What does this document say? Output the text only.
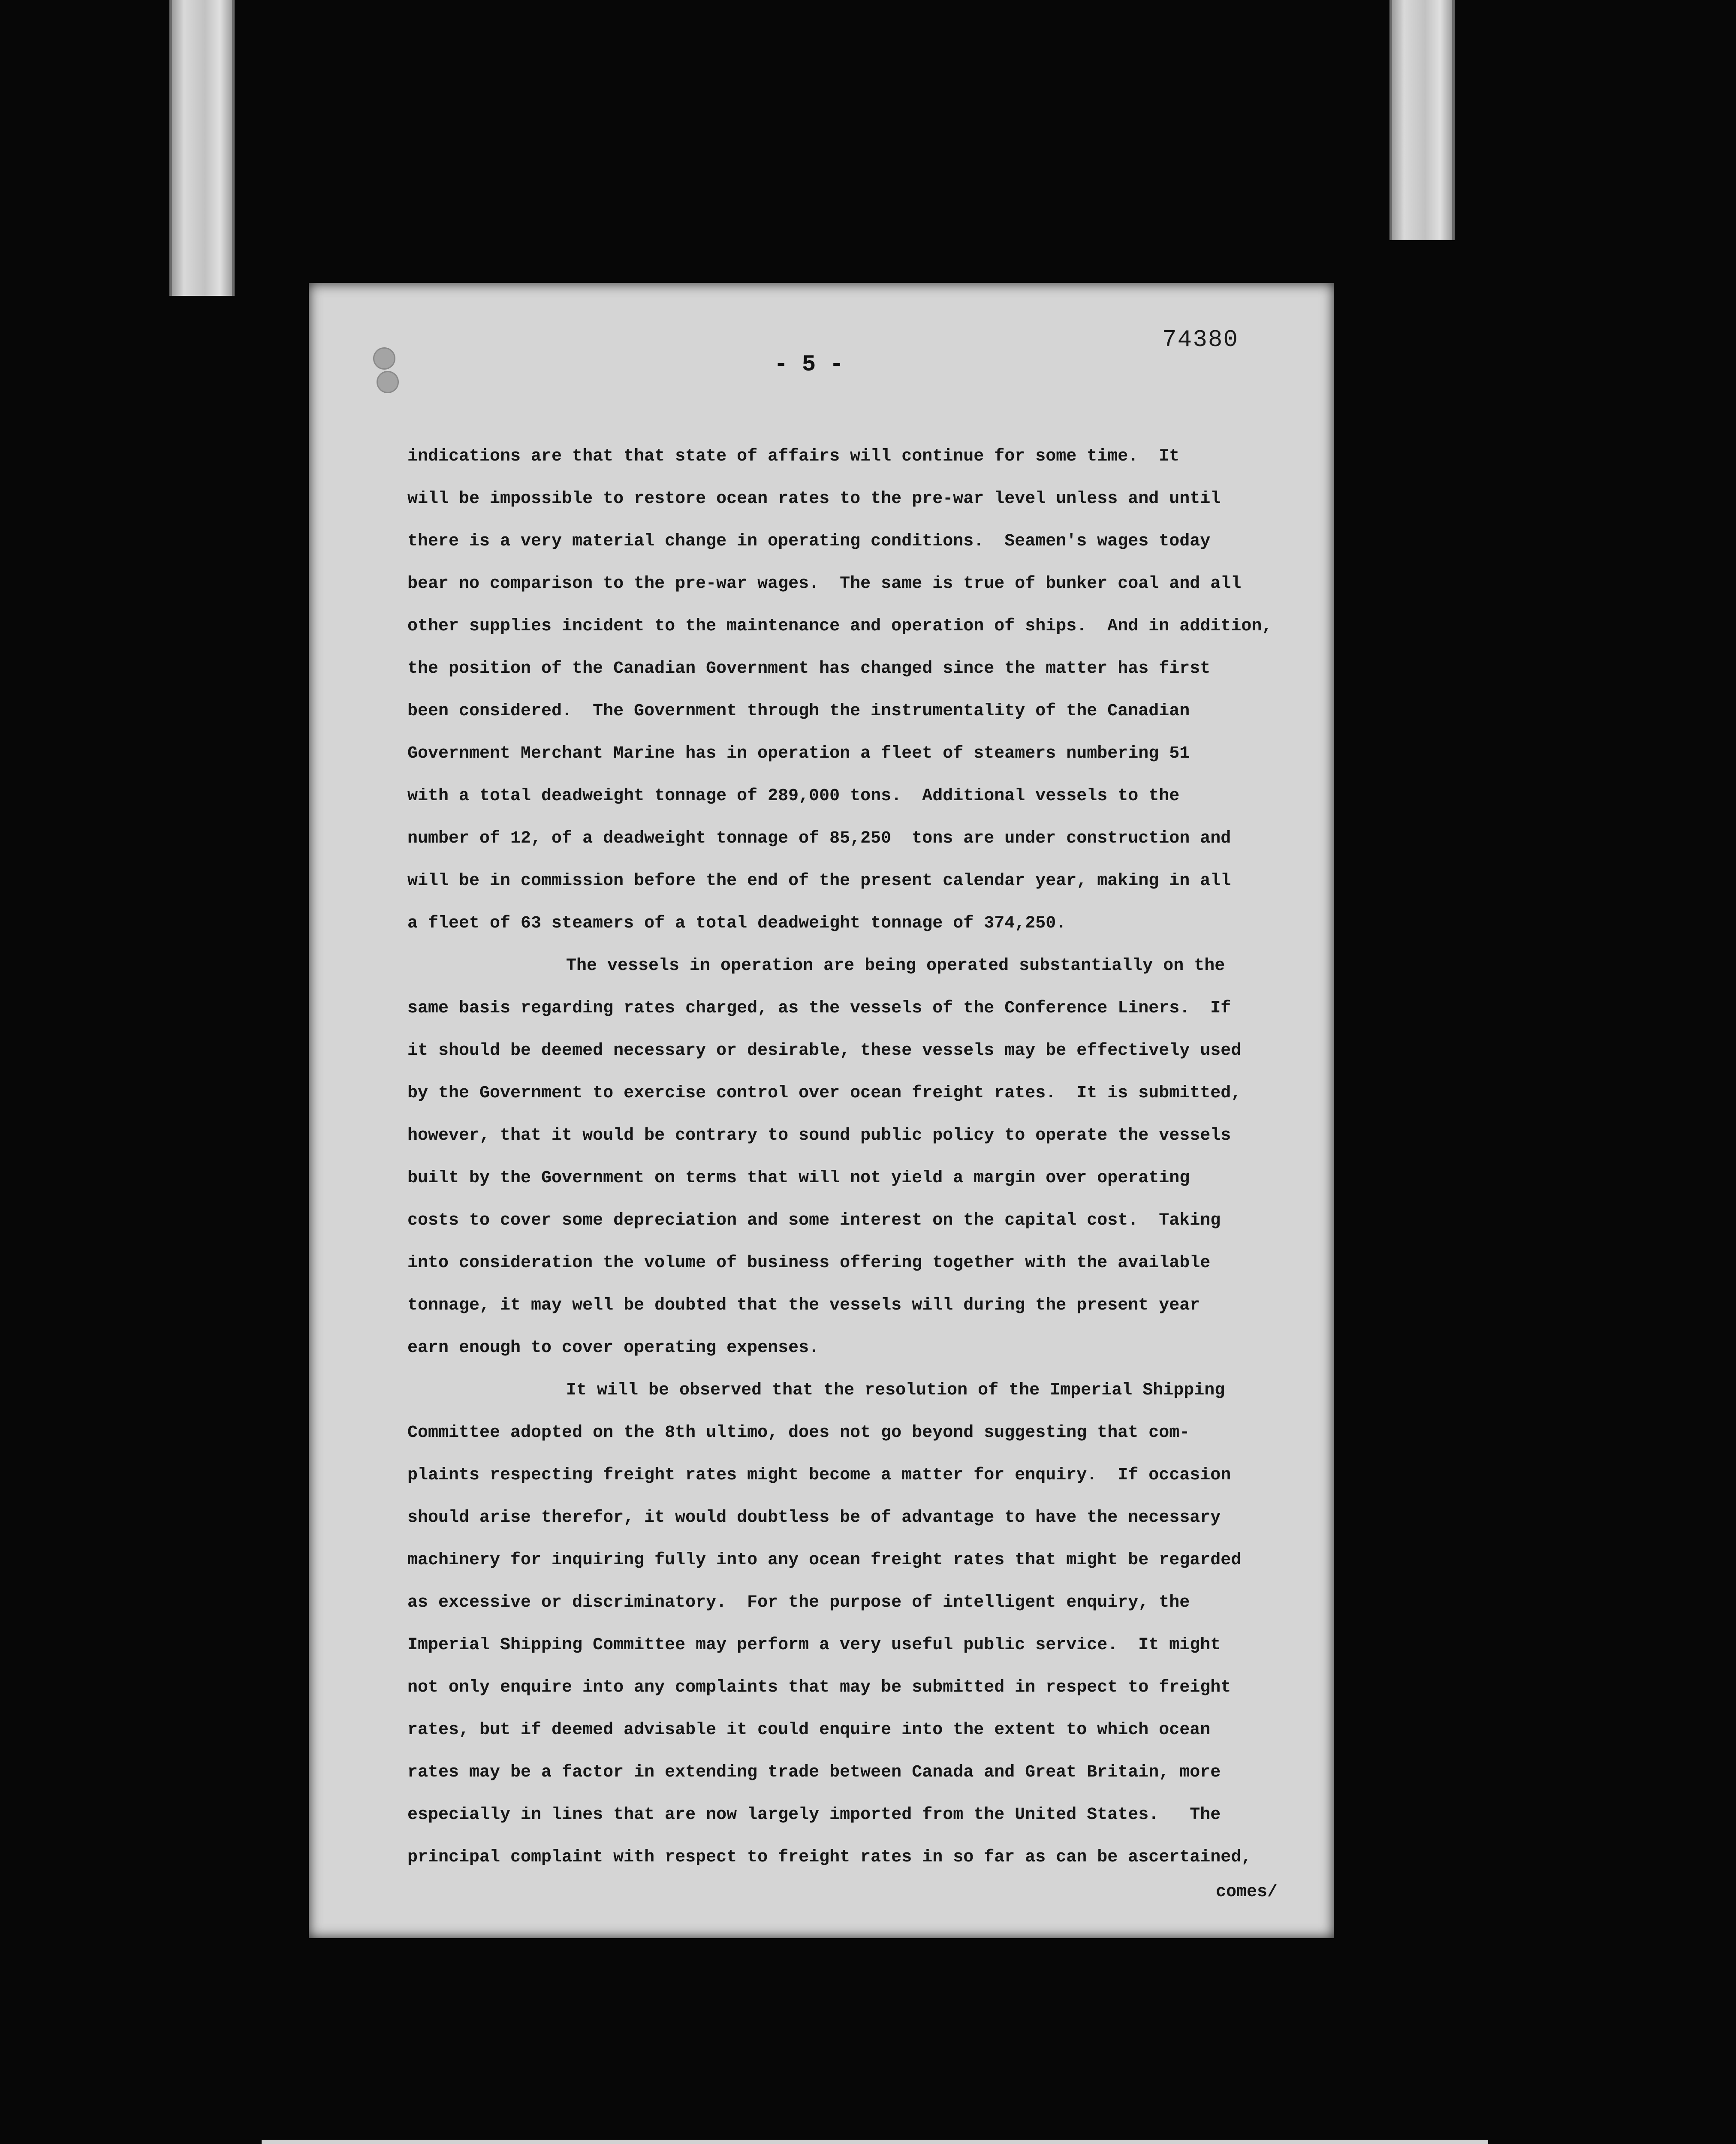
74380
- 5 -
indications are that that state of affairs will continue for some time.  It
will be impossible to restore ocean rates to the pre-war level unless and until
there is a very material change in operating conditions.  Seamen's wages today
bear no comparison to the pre-war wages.  The same is true of bunker coal and all
other supplies incident to the maintenance and operation of ships.  And in addition,
the position of the Canadian Government has changed since the matter has first
been considered.  The Government through the instrumentality of the Canadian
Government Merchant Marine has in operation a fleet of steamers numbering 51
with a total deadweight tonnage of 289,000 tons.  Additional vessels to the
number of 12, of a deadweight tonnage of 85,250  tons are under construction and
will be in commission before the end of the present calendar year, making in all
a fleet of 63 steamers of a total deadweight tonnage of 374,250.
The vessels in operation are being operated substantially on the
same basis regarding rates charged, as the vessels of the Conference Liners.  If
it should be deemed necessary or desirable, these vessels may be effectively used
by the Government to exercise control over ocean freight rates.  It is submitted,
however, that it would be contrary to sound public policy to operate the vessels
built by the Government on terms that will not yield a margin over operating
costs to cover some depreciation and some interest on the capital cost.  Taking
into consideration the volume of business offering together with the available
tonnage, it may well be doubted that the vessels will during the present year
earn enough to cover operating expenses.
It will be observed that the resolution of the Imperial Shipping
Committee adopted on the 8th ultimo, does not go beyond suggesting that com-
plaints respecting freight rates might become a matter for enquiry.  If occasion
should arise therefor, it would doubtless be of advantage to have the necessary
machinery for inquiring fully into any ocean freight rates that might be regarded
as excessive or discriminatory.  For the purpose of intelligent enquiry, the
Imperial Shipping Committee may perform a very useful public service.  It might
not only enquire into any complaints that may be submitted in respect to freight
rates, but if deemed advisable it could enquire into the extent to which ocean
rates may be a factor in extending trade between Canada and Great Britain, more
especially in lines that are now largely imported from the United States.   The
principal complaint with respect to freight rates in so far as can be ascertained,
comes/
